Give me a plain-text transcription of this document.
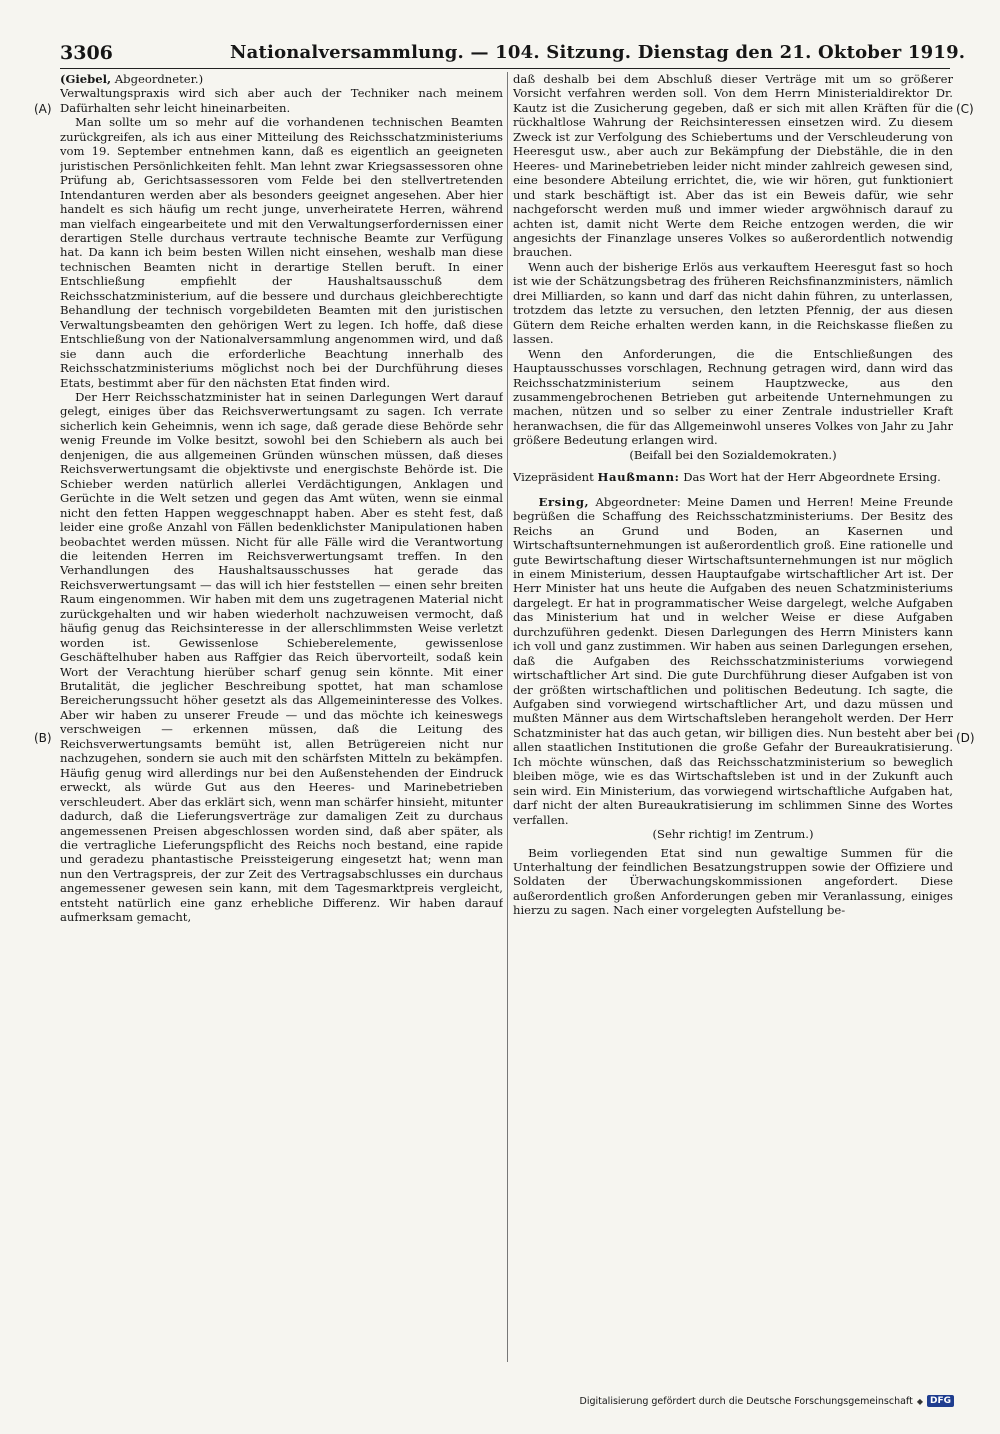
3306	Nationalversammlung. — 104. Sitzung. Dienstag den 21. Oktober 1919.
(A)
(B)
(C)
(D)

(Giebel, Abgeordneter.)

Verwaltungspraxis wird sich aber auch der Techniker nach meinem Dafürhalten sehr leicht hineinarbeiten.

Man sollte um so mehr auf die vorhandenen technischen Beamten zurückgreifen, als ich aus einer Mitteilung des Reichsschatzministeriums vom 19. September entnehmen kann, daß es eigentlich an geeigneten juristischen Persönlichkeiten fehlt. Man lehnt zwar Kriegsassessoren ohne Prüfung ab, Gerichtsassessoren vom Felde bei den stellvertretenden Intendanturen werden aber als besonders geeignet angesehen. Aber hier handelt es sich häufig um recht junge, unverheiratete Herren, während man vielfach eingearbeitete und mit den Verwaltungserfordernissen einer derartigen Stelle durchaus vertraute technische Beamte zur Verfügung hat. Da kann ich beim besten Willen nicht einsehen, weshalb man diese technischen Beamten nicht in derartige Stellen beruft. In einer Entschließung empfiehlt der Haushaltsausschuß dem Reichsschatzministerium, auf die bessere und durchaus gleichberechtigte Behandlung der technisch vorgebildeten Beamten mit den juristischen Verwaltungsbeamten den gehörigen Wert zu legen. Ich hoffe, daß diese Entschließung von der Nationalversammlung angenommen wird, und daß sie dann auch die erforderliche Beachtung innerhalb des Reichsschatzministeriums möglichst noch bei der Durchführung dieses Etats, bestimmt aber für den nächsten Etat finden wird.

Der Herr Reichsschatzminister hat in seinen Darlegungen Wert darauf gelegt, einiges über das Reichsverwertungsamt zu sagen. Ich verrate sicherlich kein Geheimnis, wenn ich sage, daß gerade diese Behörde sehr wenig Freunde im Volke besitzt, sowohl bei den Schiebern als auch bei denjenigen, die aus allgemeinen Gründen wünschen müssen, daß dieses Reichsverwertungsamt die objektivste und energischste Behörde ist. Die Schieber werden natürlich allerlei Verdächtigungen, Anklagen und Gerüchte in die Welt setzen und gegen das Amt wüten, wenn sie einmal nicht den fetten Happen weggeschnappt haben. Aber es steht fest, daß leider eine große Anzahl von Fällen bedenklichster Manipulationen haben beobachtet werden müssen. Nicht für alle Fälle wird die Verantwortung die leitenden Herren im Reichsverwertungsamt treffen. In den Verhandlungen des Haushaltsausschusses hat gerade das Reichsverwertungsamt — das will ich hier feststellen — einen sehr breiten Raum eingenommen. Wir haben mit dem uns zugetragenen Material nicht zurückgehalten und wir haben wiederholt nachzuweisen vermocht, daß häufig genug das Reichsinteresse in der allerschlimmsten Weise verletzt worden ist. Gewissenlose Schieberelemente, gewissenlose Geschäftelhuber haben aus Raffgier das Reich übervorteilt, sodaß kein Wort der Verachtung hierüber scharf genug sein könnte. Mit einer Brutalität, die jeglicher Beschreibung spottet, hat man schamlose Bereicherungssucht höher gesetzt als das Allgemeininteresse des Volkes. Aber wir haben zu unserer Freude — und das möchte ich keineswegs verschweigen — erkennen müssen, daß die Leitung des Reichsverwertungsamts bemüht ist, allen Betrügereien nicht nur nachzugehen, sondern sie auch mit den schärfsten Mitteln zu bekämpfen. Häufig genug wird allerdings nur bei den Außenstehenden der Eindruck erweckt, als würde Gut aus den Heeres- und Marinebetrieben verschleudert. Aber das erklärt sich, wenn man schärfer hinsieht, mitunter dadurch, daß die Lieferungsverträge zur damaligen Zeit zu durchaus angemessenen Preisen abgeschlossen worden sind, daß aber später, als die vertragliche Lieferungspflicht des Reichs noch bestand, eine rapide und geradezu phantastische Preissteigerung eingesetzt hat; wenn man nun den Vertragspreis, der zur Zeit des Vertragsabschlusses ein durchaus angemessener gewesen sein kann, mit dem Tagesmarktpreis vergleicht, entsteht natürlich eine ganz erhebliche Differenz. Wir haben darauf aufmerksam gemacht,

daß deshalb bei dem Abschluß dieser Verträge mit um so größerer Vorsicht verfahren werden soll. Von dem Herrn Ministerialdirektor Dr. Kautz ist die Zusicherung gegeben, daß er sich mit allen Kräften für die rückhaltlose Wahrung der Reichsinteressen einsetzen wird. Zu diesem Zweck ist zur Verfolgung des Schiebertums und der Verschleuderung von Heeresgut usw., aber auch zur Bekämpfung der Diebstähle, die in den Heeres- und Marinebetrieben leider nicht minder zahlreich gewesen sind, eine besondere Abteilung errichtet, die, wie wir hören, gut funktioniert und stark beschäftigt ist. Aber das ist ein Beweis dafür, wie sehr nachgeforscht werden muß und immer wieder argwöhnisch darauf zu achten ist, damit nicht Werte dem Reiche entzogen werden, die wir angesichts der Finanzlage unseres Volkes so außerordentlich notwendig brauchen.

Wenn auch der bisherige Erlös aus verkauftem Heeresgut fast so hoch ist wie der Schätzungsbetrag des früheren Reichsfinanzministers, nämlich drei Milliarden, so kann und darf das nicht dahin führen, zu unterlassen, trotzdem das letzte zu versuchen, den letzten Pfennig, der aus diesen Gütern dem Reiche erhalten werden kann, in die Reichskasse fließen zu lassen.

Wenn den Anforderungen, die die Entschließungen des Hauptausschusses vorschlagen, Rechnung getragen wird, dann wird das Reichsschatzministerium seinem Hauptzwecke, aus den zusammengebrochenen Betrieben gut arbeitende Unternehmungen zu machen, nützen und so selber zu einer Zentrale industrieller Kraft heranwachsen, die für das Allgemeinwohl unseres Volkes von Jahr zu Jahr größere Bedeutung erlangen wird.

(Beifall bei den Sozialdemokraten.)

Vizepräsident Haußmann: Das Wort hat der Herr Abgeordnete Ersing.

Ersing, Abgeordneter: Meine Damen und Herren! Meine Freunde begrüßen die Schaffung des Reichsschatzministeriums. Der Besitz des Reichs an Grund und Boden, an Kasernen und Wirtschaftsunternehmungen ist außerordentlich groß. Eine rationelle und gute Bewirtschaftung dieser Wirtschaftsunternehmungen ist nur möglich in einem Ministerium, dessen Hauptaufgabe wirtschaftlicher Art ist. Der Herr Minister hat uns heute die Aufgaben des neuen Schatzministeriums dargelegt. Er hat in programmatischer Weise dargelegt, welche Aufgaben das Ministerium hat und in welcher Weise er diese Aufgaben durchzuführen gedenkt. Diesen Darlegungen des Herrn Ministers kann ich voll und ganz zustimmen. Wir haben aus seinen Darlegungen ersehen, daß die Aufgaben des Reichsschatzministeriums vorwiegend wirtschaftlicher Art sind. Die gute Durchführung dieser Aufgaben ist von der größten wirtschaftlichen und politischen Bedeutung. Ich sagte, die Aufgaben sind vorwiegend wirtschaftlicher Art, und dazu müssen und mußten Männer aus dem Wirtschaftsleben herangeholt werden. Der Herr Schatzminister hat das auch getan, wir billigen dies. Nun besteht aber bei allen staatlichen Institutionen die große Gefahr der Bureaukratisierung. Ich möchte wünschen, daß das Reichsschatzministerium so beweglich bleiben möge, wie es das Wirtschaftsleben ist und in der Zukunft auch sein wird. Ein Ministerium, das vorwiegend wirtschaftliche Aufgaben hat, darf nicht der alten Bureaukratisierung im schlimmen Sinne des Wortes verfallen.

(Sehr richtig! im Zentrum.)

Beim vorliegenden Etat sind nun gewaltige Summen für die Unterhaltung der feindlichen Besatzungstruppen sowie der Offiziere und Soldaten der Überwachungskommissionen angefordert. Diese außerordentlich großen Anforderungen geben mir Veranlassung, einiges hierzu zu sagen. Nach einer vorgelegten Aufstellung be-

Digitalisierung gefördert durch die Deutsche Forschungsgemeinschaft ◆ DFG
